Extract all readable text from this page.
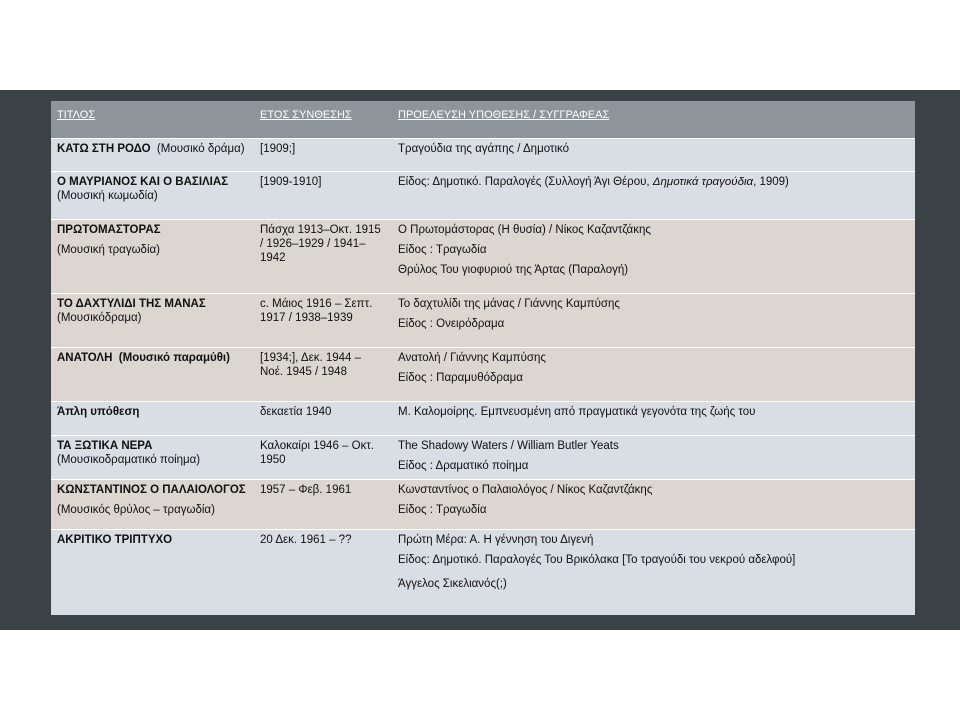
ΤΙΤΛΟΣ	ΕΤΟΣ ΣΥΝΘΕΣΗΣ	ΠΡΟΕΛΕΥΣΗ ΥΠΟΘΕΣΗΣ / ΣΥΓΓΡΑΦΕΑΣ
ΚΑΤΩ ΣΤΗ ΡΟΔΟ (Μουσικό δράμα)	[1909;]	Τραγούδια της αγάπης / Δημοτικό

Ο ΜΑΥΡΙΑΝΟΣ ΚΑΙ Ο ΒΑΣΙΛΙΑΣ
(Μουσική κωμωδία)	[1909-1910]	Είδος: Δημοτικό. Παραλογές (Συλλογή Άγι Θέρου, Δημοτικά τραγούδια, 1909)

ΠΡΩΤΟΜΑΣΤΟΡΑΣ
(Μουσική τραγωδία)	Πάσχα 1913–Οκτ. 1915 / 1926–1929 / 1941–1942	Ο Πρωτομάστορας (Η θυσία) / Νίκος Καζαντζάκης
Είδος : Τραγωδία
Θρύλος Του γιοφυριού της Άρτας (Παραλογή)

ΤΟ ΔΑΧΤΥΛΙΔΙ ΤΗΣ ΜΑΝΑΣ
(Μουσικόδραμα)	c. Μάιος 1916 – Σεπτ. 1917 / 1938–1939	Το δαχτυλίδι της μάνας / Γιάννης Καμπύσης
Είδος : Ονειρόδραμα

ΑΝΑΤΟΛΗ (Μουσικό παραμύθι)	[1934;], Δεκ. 1944 – Νοέ. 1945 / 1948	Ανατολή / Γιάννης Καμπύσης
Είδος : Παραμυθόδραμα

Άπλη υπόθεση	δεκαετία 1940	Μ. Καλομοίρης. Εμπνευσμένη από πραγματικά γεγονότα της ζωής του

ΤΑ ΞΩΤΙΚΑ ΝΕΡΑ
(Μουσικοδραματικό ποίημα)	Καλοκαίρι 1946 – Οκτ. 1950	The Shadowy Waters / William Butler Yeats
Είδος : Δραματικό ποίημα

ΚΩΝΣΤΑΝΤΙΝΟΣ Ο ΠΑΛΑΙΟΛΟΓΟΣ
(Μουσικός θρύλος – τραγωδία)	1957 – Φεβ. 1961	Κωνσταντίνος ο Παλαιολόγος / Νίκος Καζαντζάκης
Είδος : Τραγωδία

ΑΚΡΙΤΙΚΟ ΤΡΙΠΤΥΧΟ	20 Δεκ. 1961 – ??	Πρώτη Μέρα: Α. Η γέννηση του Διγενή
Είδος: Δημοτικό. Παραλογές Του Βρικόλακα [Το τραγούδι του νεκρού αδελφού]
Άγγελος Σικελιανός(;)
